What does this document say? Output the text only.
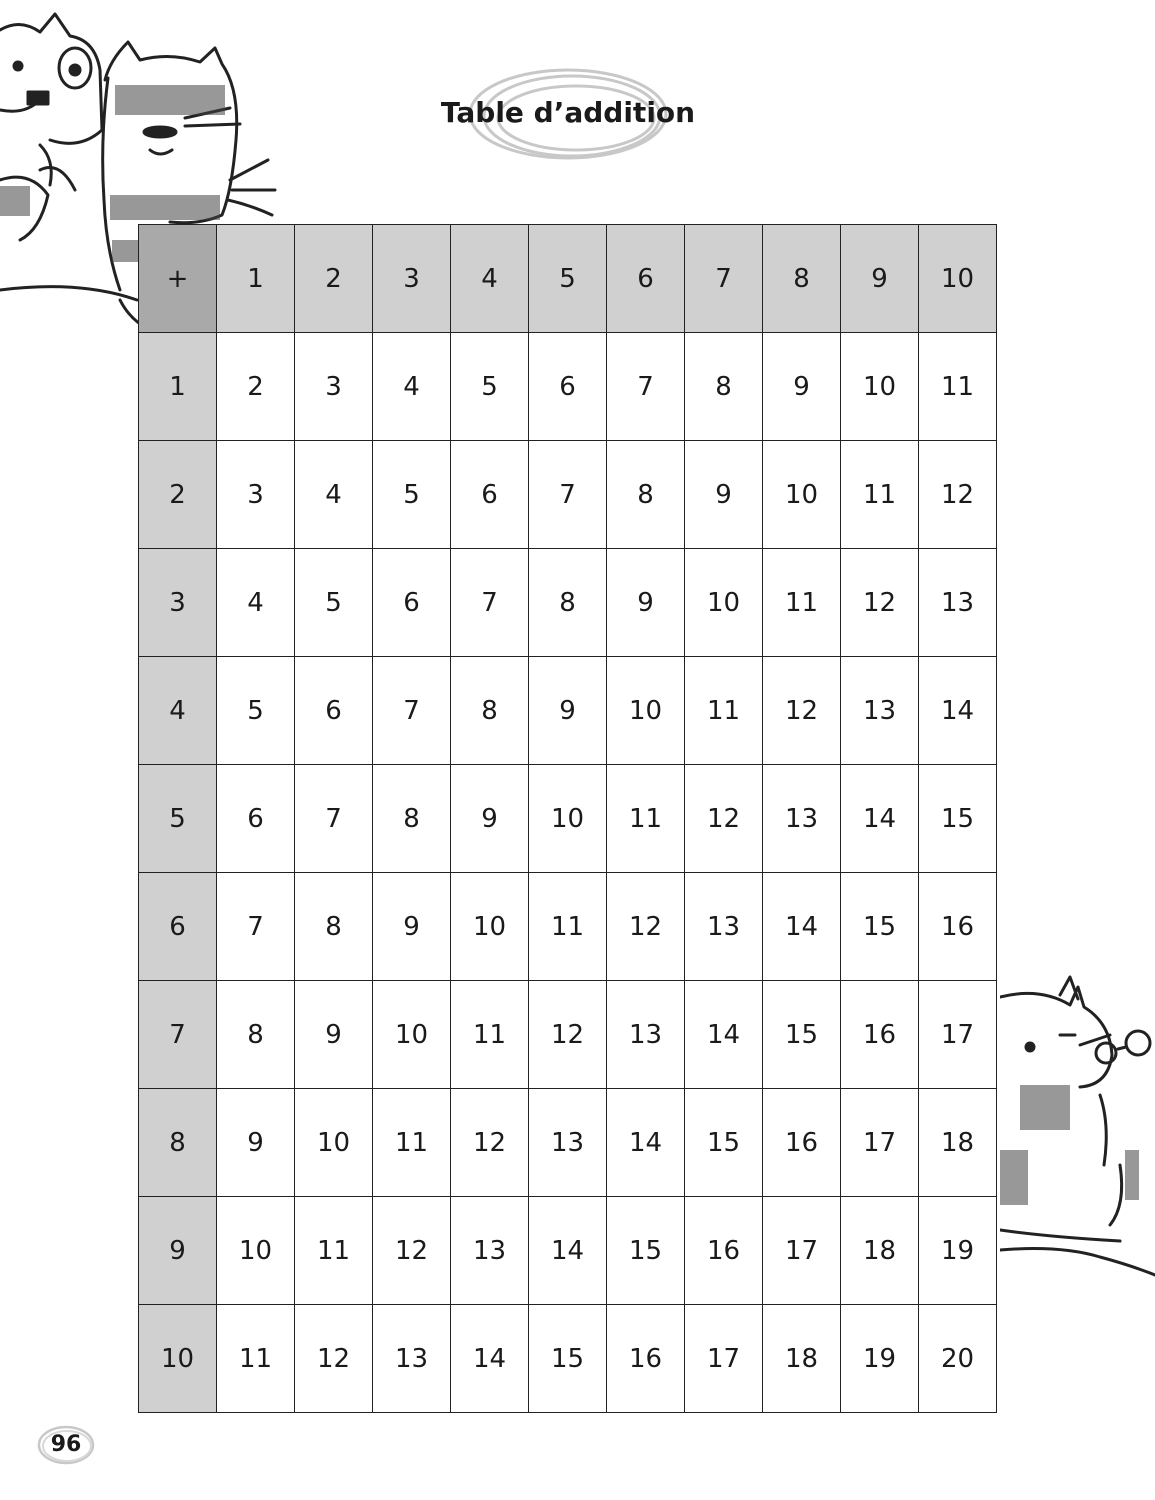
Table d’addition
+	1	2	3	4	5	6	7	8	9	10
1	2	3	4	5	6	7	8	9	10	11
2	3	4	5	6	7	8	9	10	11	12
3	4	5	6	7	8	9	10	11	12	13
4	5	6	7	8	9	10	11	12	13	14
5	6	7	8	9	10	11	12	13	14	15
6	7	8	9	10	11	12	13	14	15	16
7	8	9	10	11	12	13	14	15	16	17
8	9	10	11	12	13	14	15	16	17	18
9	10	11	12	13	14	15	16	17	18	19
10	11	12	13	14	15	16	17	18	19	20
96
